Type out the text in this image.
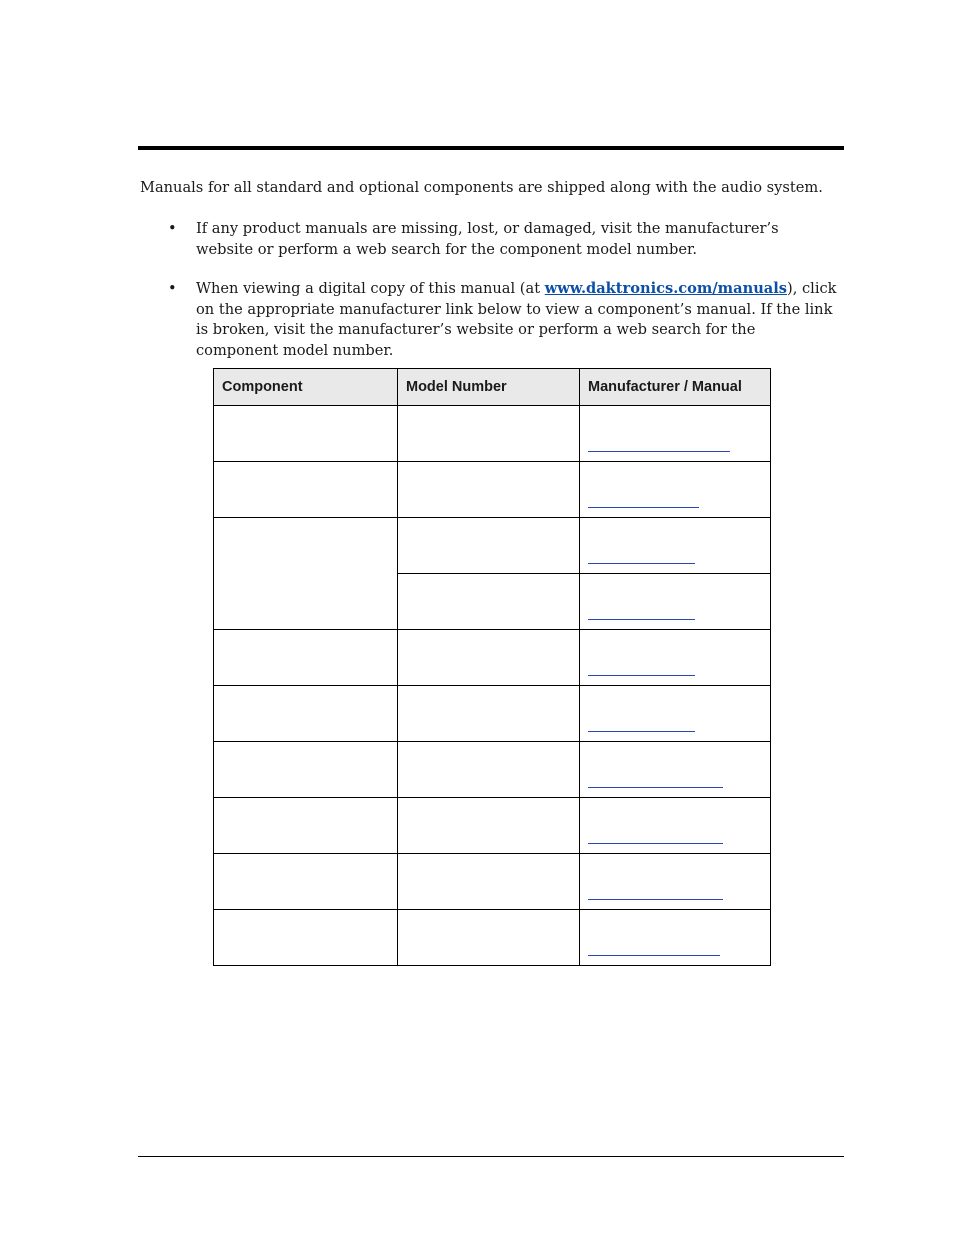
Manuals for all standard and optional components are shipped along with the audio system.

• If any product manuals are missing, lost, or damaged, visit the manufacturer’s website or perform a web search for the component model number.
• When viewing a digital copy of this manual (at www.daktronics.com/manuals), click on the appropriate manufacturer link below to view a component’s manual. If the link is broken, visit the manufacturer’s website or perform a web search for the component model number.
Component	Model Number	Manufacturer / Manual
